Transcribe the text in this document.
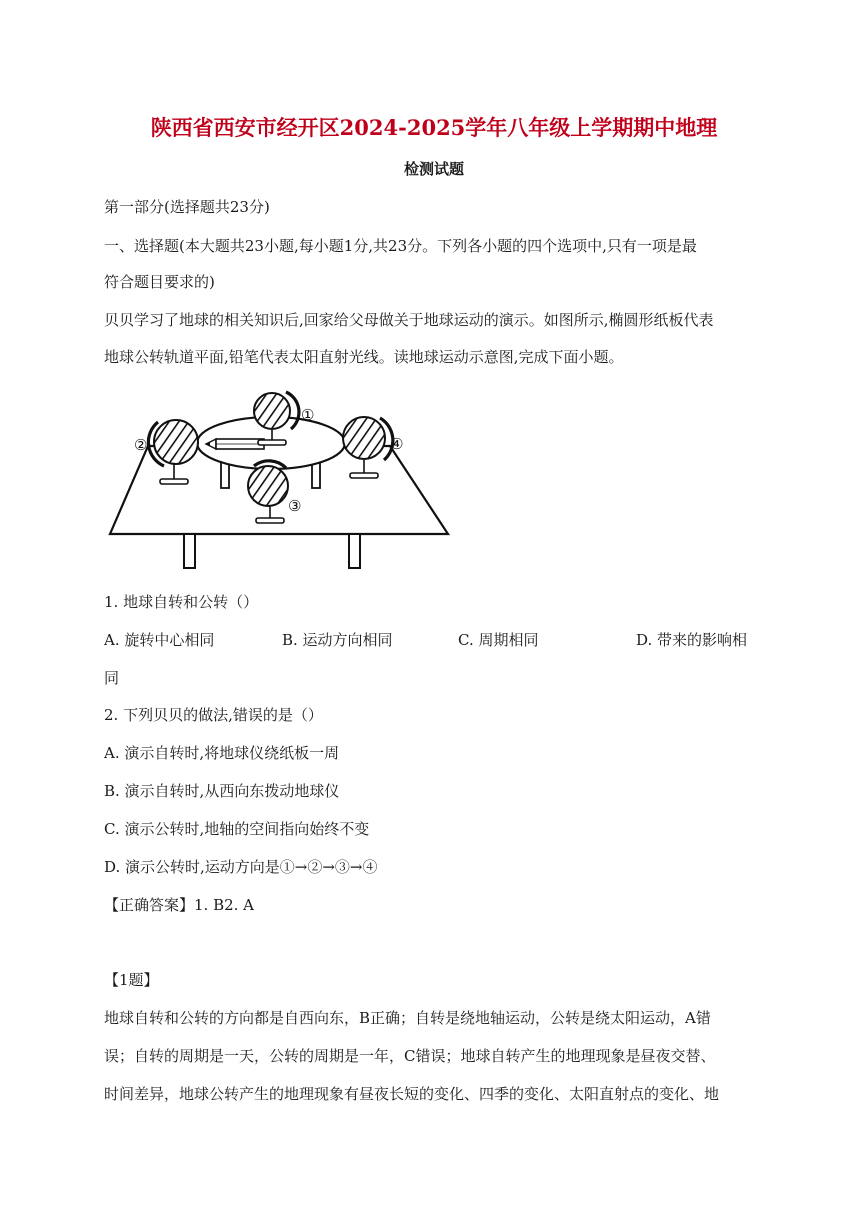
陕西省西安市经开区2024-2025学年八年级上学期期中地理
检测试题
第一部分(选择题共23分)
一、选择题(本大题共23小题,每小题1分,共23分。下列各小题的四个选项中,只有一项是最
符合题目要求的)
贝贝学习了地球的相关知识后,回家给父母做关于地球运动的演示。如图所示,椭圆形纸板代表
地球公转轨道平面,铅笔代表太阳直射光线。读地球运动示意图,完成下面小题。
①
②	④
③
1. 地球自转和公转（）
A. 旋转中心相同	B. 运动方向相同	C. 周期相同	D. 带来的影响相
同
2. 下列贝贝的做法,错误的是（）
A. 演示自转时,将地球仪绕纸板一周
B. 演示自转时,从西向东拨动地球仪
C. 演示公转时,地轴的空间指向始终不变
D. 演示公转时,运动方向是①→②→③→④
【正确答案】1. B2. A
【1题】
地球自转和公转的方向都是自西向东，B正确；自转是绕地轴运动，公转是绕太阳运动，A错
误；自转的周期是一天，公转的周期是一年，C错误；地球自转产生的地理现象是昼夜交替、
时间差异，地球公转产生的地理现象有昼夜长短的变化、四季的变化、太阳直射点的变化、地
